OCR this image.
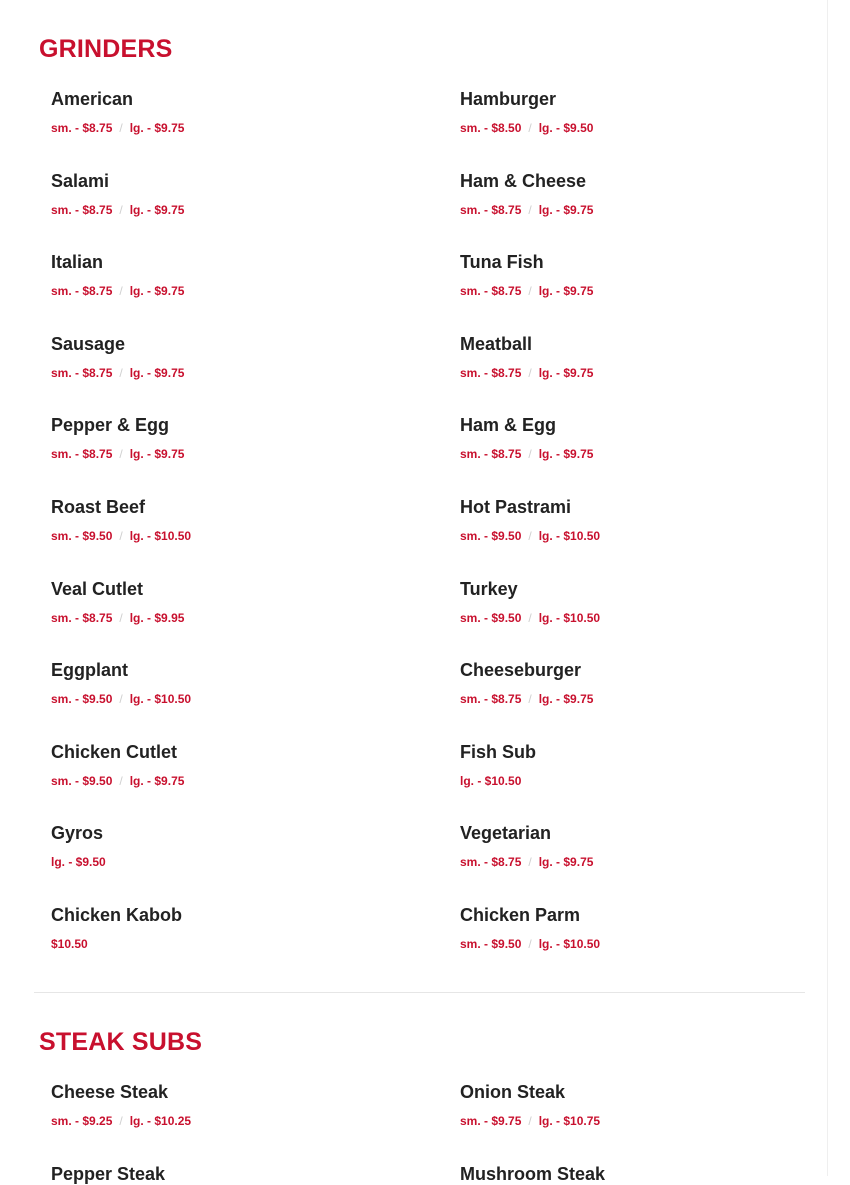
GRINDERS
American
sm. - $8.75 / lg. - $9.75
Hamburger
sm. - $8.50 / lg. - $9.50
Salami
sm. - $8.75 / lg. - $9.75
Ham & Cheese
sm. - $8.75 / lg. - $9.75
Italian
sm. - $8.75 / lg. - $9.75
Tuna Fish
sm. - $8.75 / lg. - $9.75
Sausage
sm. - $8.75 / lg. - $9.75
Meatball
sm. - $8.75 / lg. - $9.75
Pepper & Egg
sm. - $8.75 / lg. - $9.75
Ham & Egg
sm. - $8.75 / lg. - $9.75
Roast Beef
sm. - $9.50 / lg. - $10.50
Hot Pastrami
sm. - $9.50 / lg. - $10.50
Veal Cutlet
sm. - $8.75 / lg. - $9.95
Turkey
sm. - $9.50 / lg. - $10.50
Eggplant
sm. - $9.50 / lg. - $10.50
Cheeseburger
sm. - $8.75 / lg. - $9.75
Chicken Cutlet
sm. - $9.50 / lg. - $9.75
Fish Sub
lg. - $10.50
Gyros
lg. - $9.50
Vegetarian
sm. - $8.75 / lg. - $9.75
Chicken Kabob
$10.50
Chicken Parm
sm. - $9.50 / lg. - $10.50
STEAK SUBS
Cheese Steak
sm. - $9.25 / lg. - $10.25
Onion Steak
sm. - $9.75 / lg. - $10.75
Pepper Steak	Mushroom Steak
